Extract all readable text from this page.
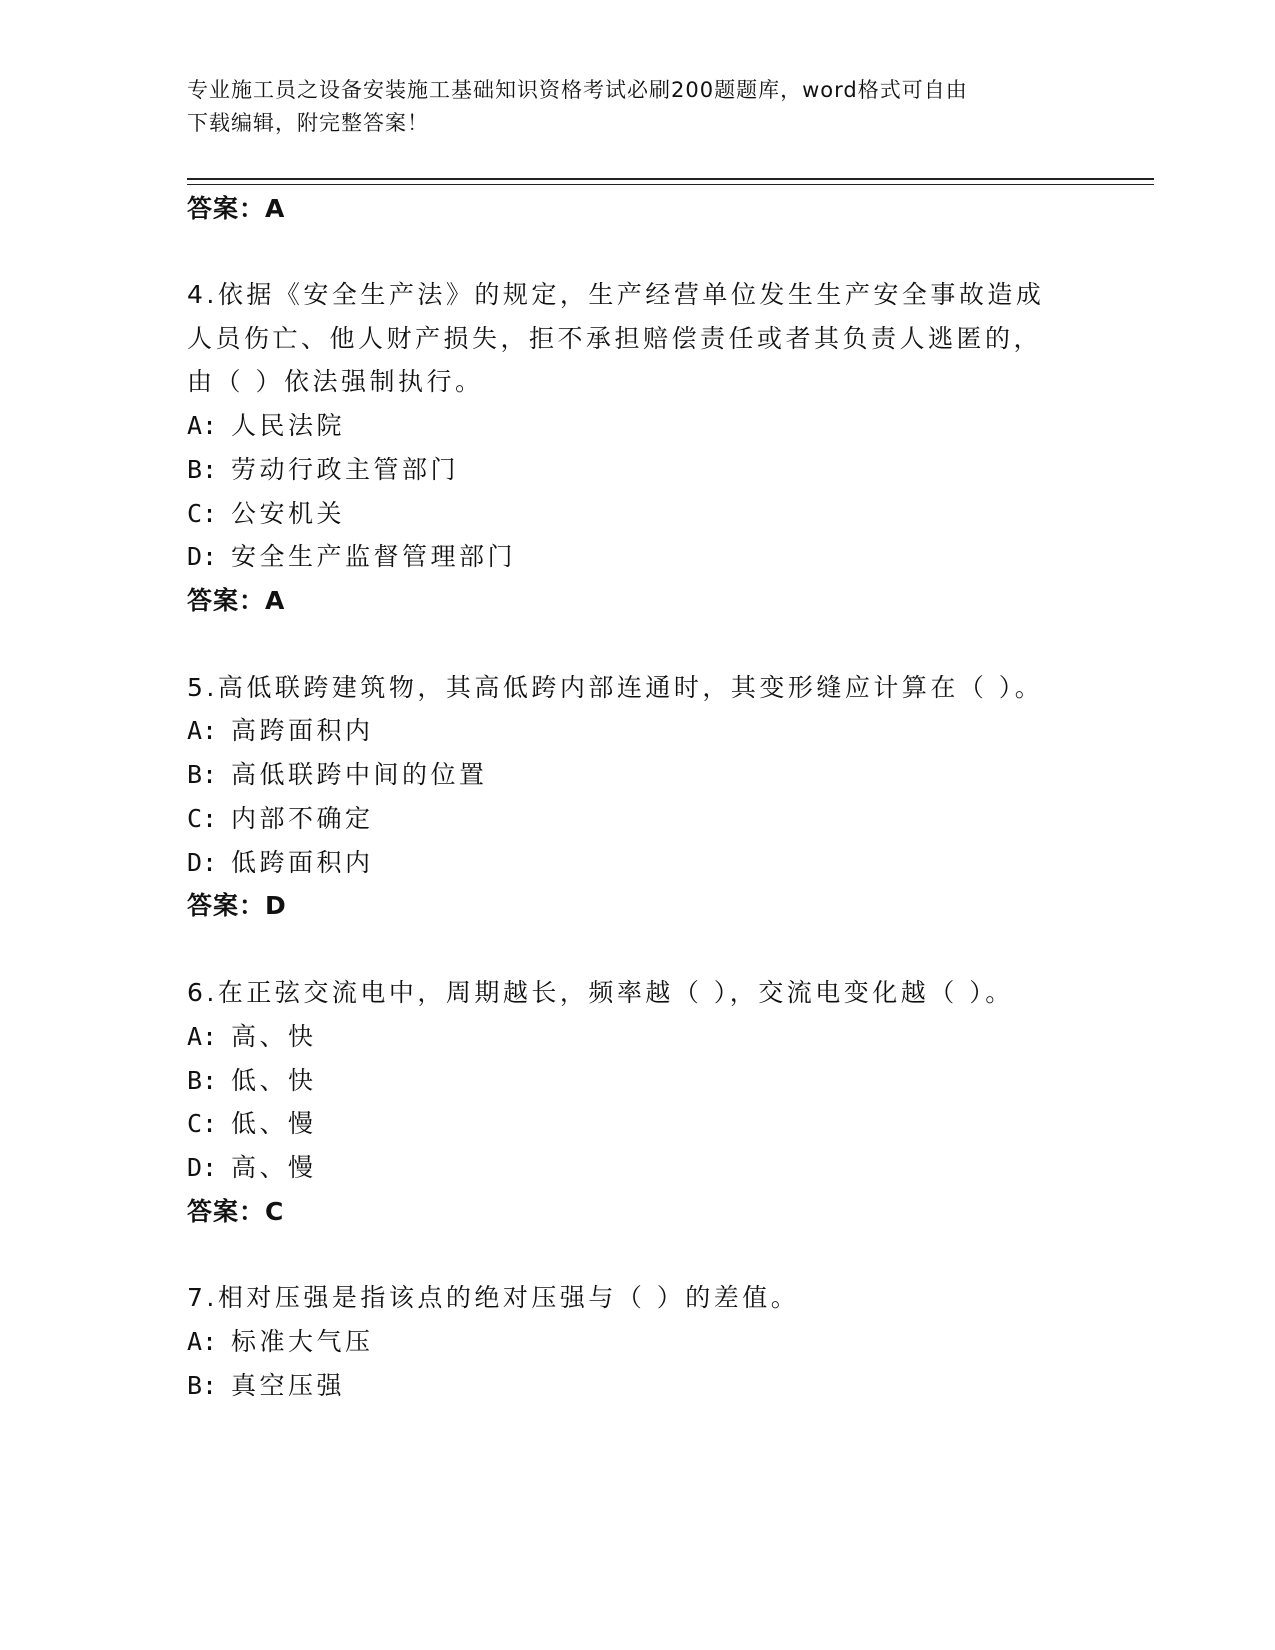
专业施工员之设备安装施工基础知识资格考试必刷200题题库，word格式可自由
下载编辑，附完整答案！
答案：A
4.依据《安全生产法》的规定，生产经营单位发生生产安全事故造成
人员伤亡、他人财产损失，拒不承担赔偿责任或者其负责人逃匿的，
由（ ）依法强制执行。
A: 人民法院
B: 劳动行政主管部门
C: 公安机关
D: 安全生产监督管理部门
答案：A
5.高低联跨建筑物，其高低跨内部连通时，其变形缝应计算在（ ）。
A: 高跨面积内
B: 高低联跨中间的位置
C: 内部不确定
D: 低跨面积内
答案：D
6.在正弦交流电中，周期越长，频率越（ ），交流电变化越（ ）。
A: 高、快
B: 低、快
C: 低、慢
D: 高、慢
答案：C
7.相对压强是指该点的绝对压强与（ ）的差值。
A: 标准大气压
B: 真空压强
